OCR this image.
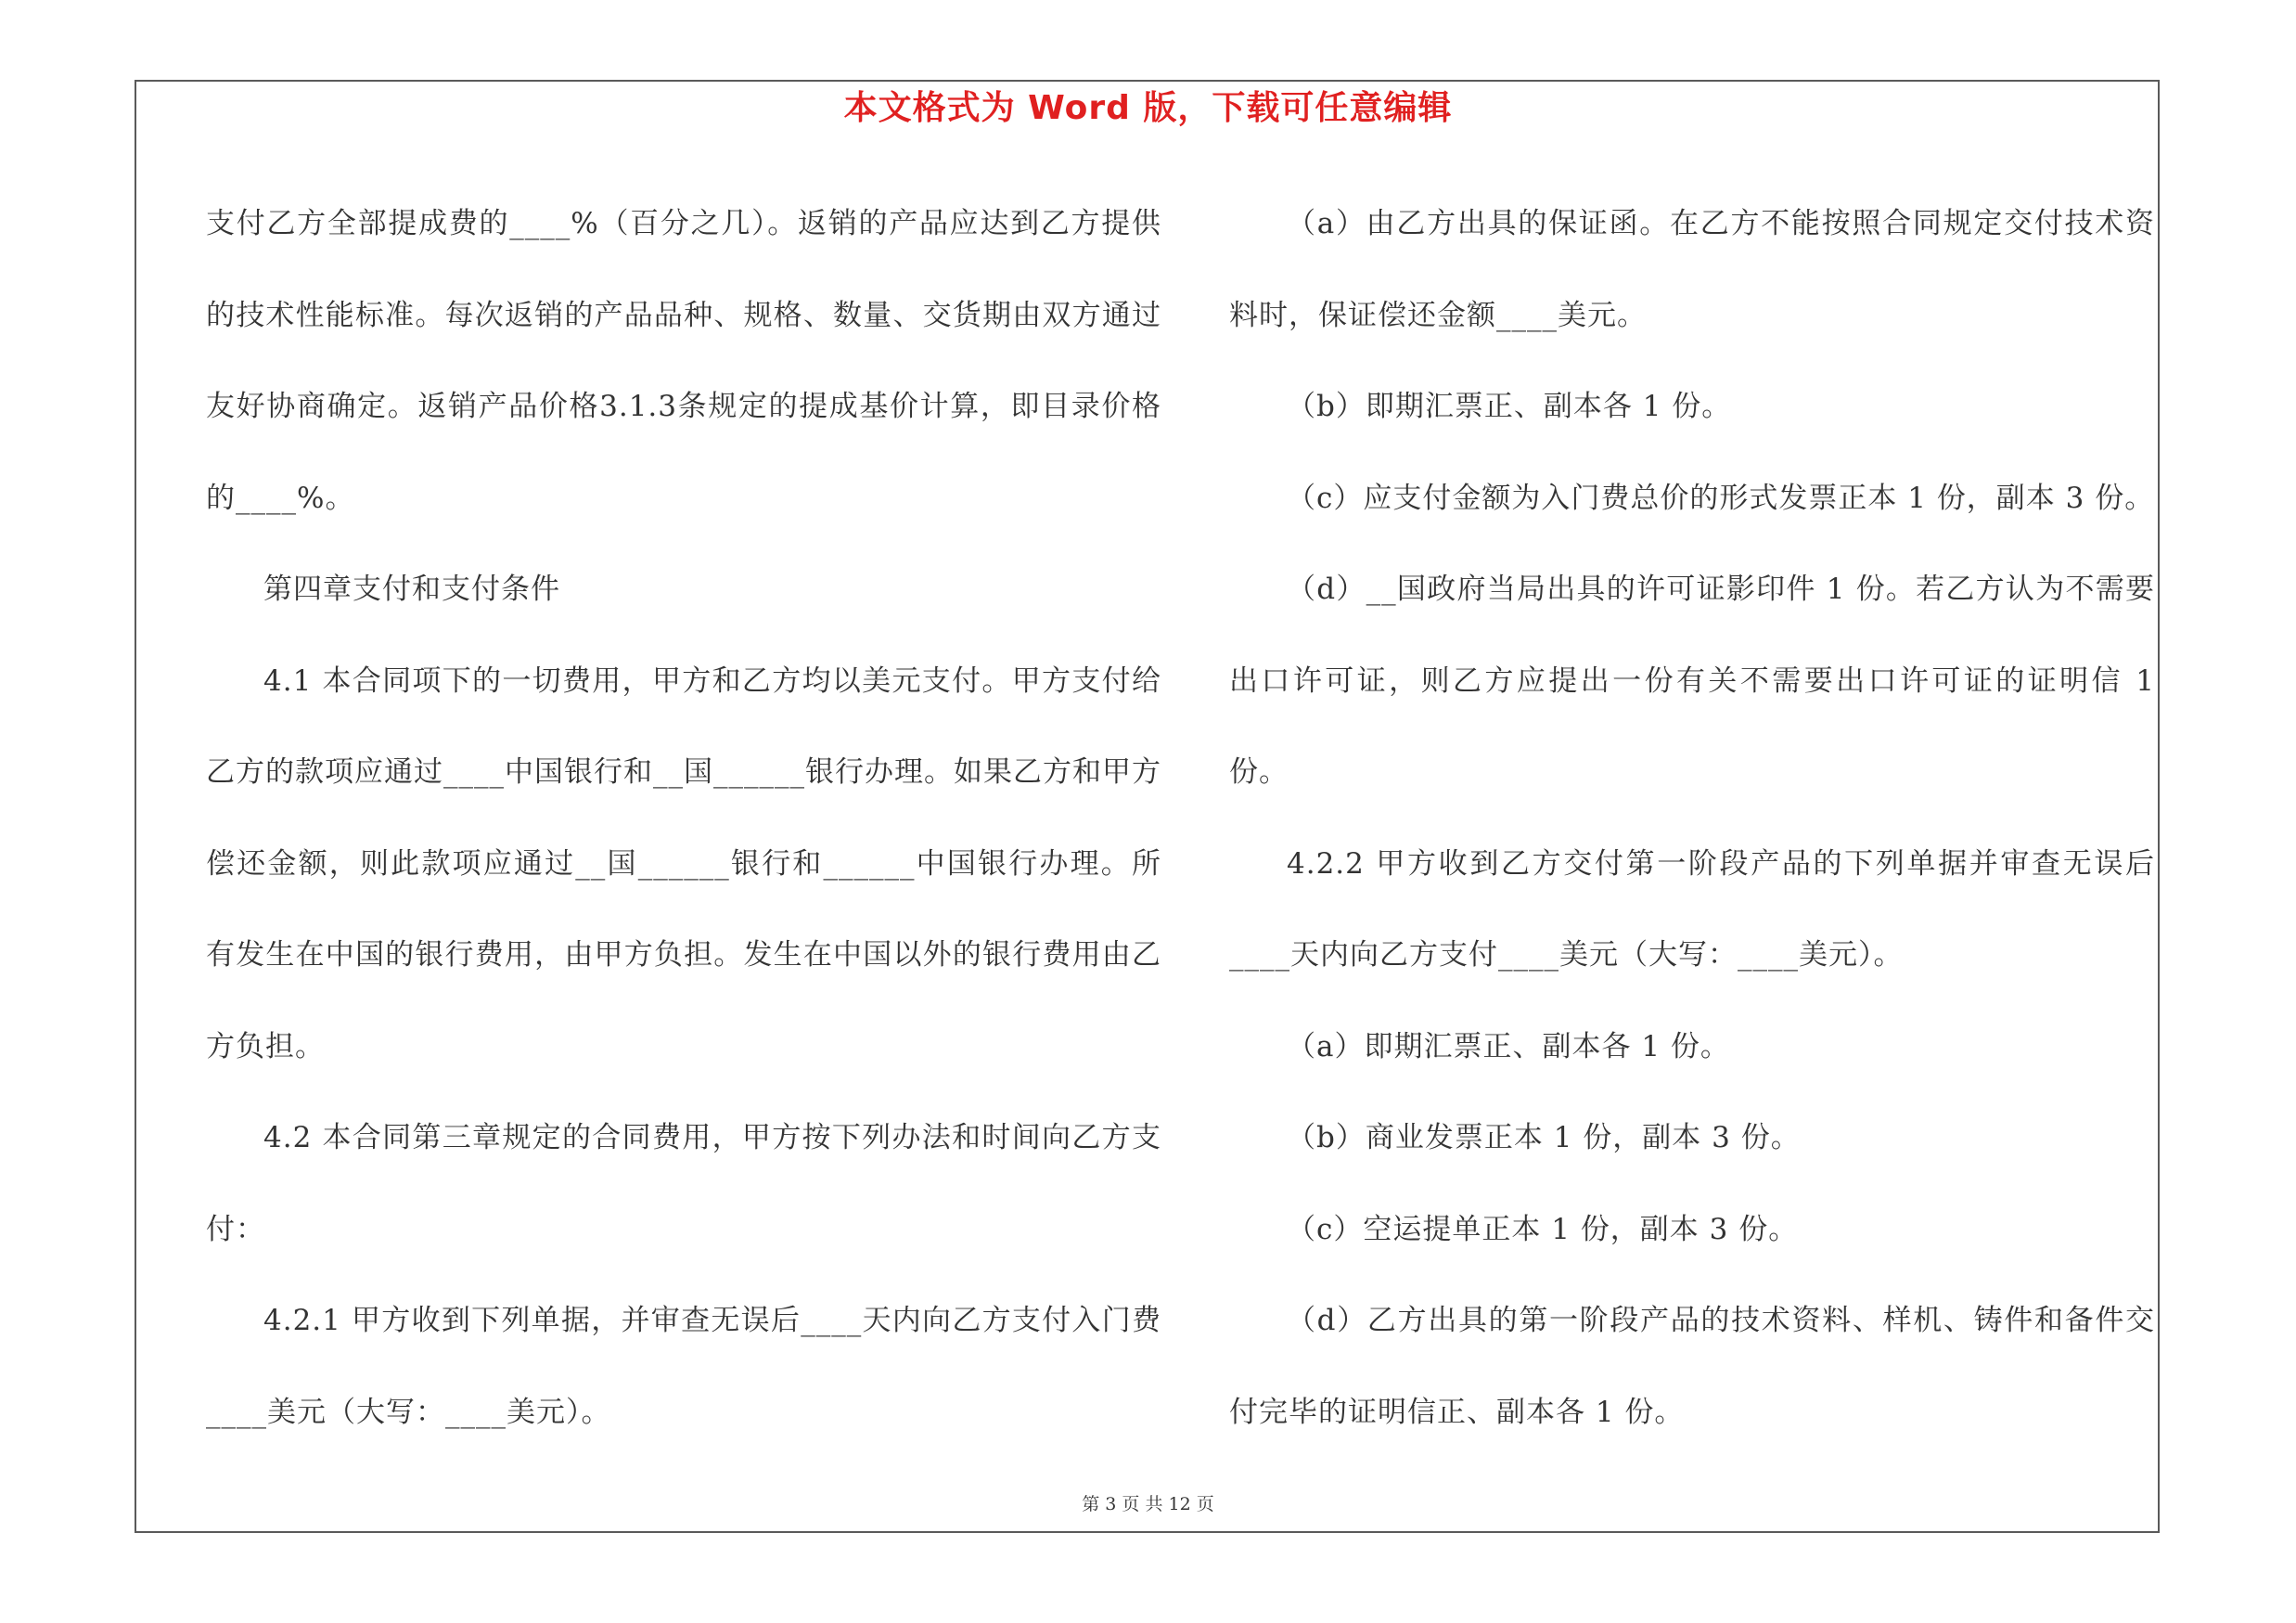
本文格式为 Word 版，下载可任意编辑

支付乙方全部提成费的____%（百分之几）。返销的产品应达到乙方提供的技术性能标准。每次返销的产品品种、规格、数量、交货期由双方通过友好协商确定。返销产品价格3.1.3条规定的提成基价计算，即目录价格的____%。

第四章支付和支付条件

4.1 本合同项下的一切费用，甲方和乙方均以美元支付。甲方支付给乙方的款项应通过____中国银行和__国______银行办理。如果乙方和甲方偿还金额，则此款项应通过__国______银行和______中国银行办理。所有发生在中国的银行费用，由甲方负担。发生在中国以外的银行费用由乙方负担。

4.2 本合同第三章规定的合同费用，甲方按下列办法和时间向乙方支付：

4.2.1 甲方收到下列单据，并审查无误后____天内向乙方支付入门费____美元（大写：____美元）。

（a）由乙方出具的保证函。在乙方不能按照合同规定交付技术资料时，保证偿还金额____美元。

（b）即期汇票正、副本各 1 份。

（c）应支付金额为入门费总价的形式发票正本 1 份，副本 3 份。

（d）__国政府当局出具的许可证影印件 1 份。若乙方认为不需要出口许可证，则乙方应提出一份有关不需要出口许可证的证明信 1 份。

4.2.2 甲方收到乙方交付第一阶段产品的下列单据并审查无误后____天内向乙方支付____美元（大写：____美元）。

（a）即期汇票正、副本各 1 份。

（b）商业发票正本 1 份，副本 3 份。

（c）空运提单正本 1 份，副本 3 份。

（d）乙方出具的第一阶段产品的技术资料、样机、铸件和备件交付完毕的证明信正、副本各 1 份。

第 3 页 共 12 页
